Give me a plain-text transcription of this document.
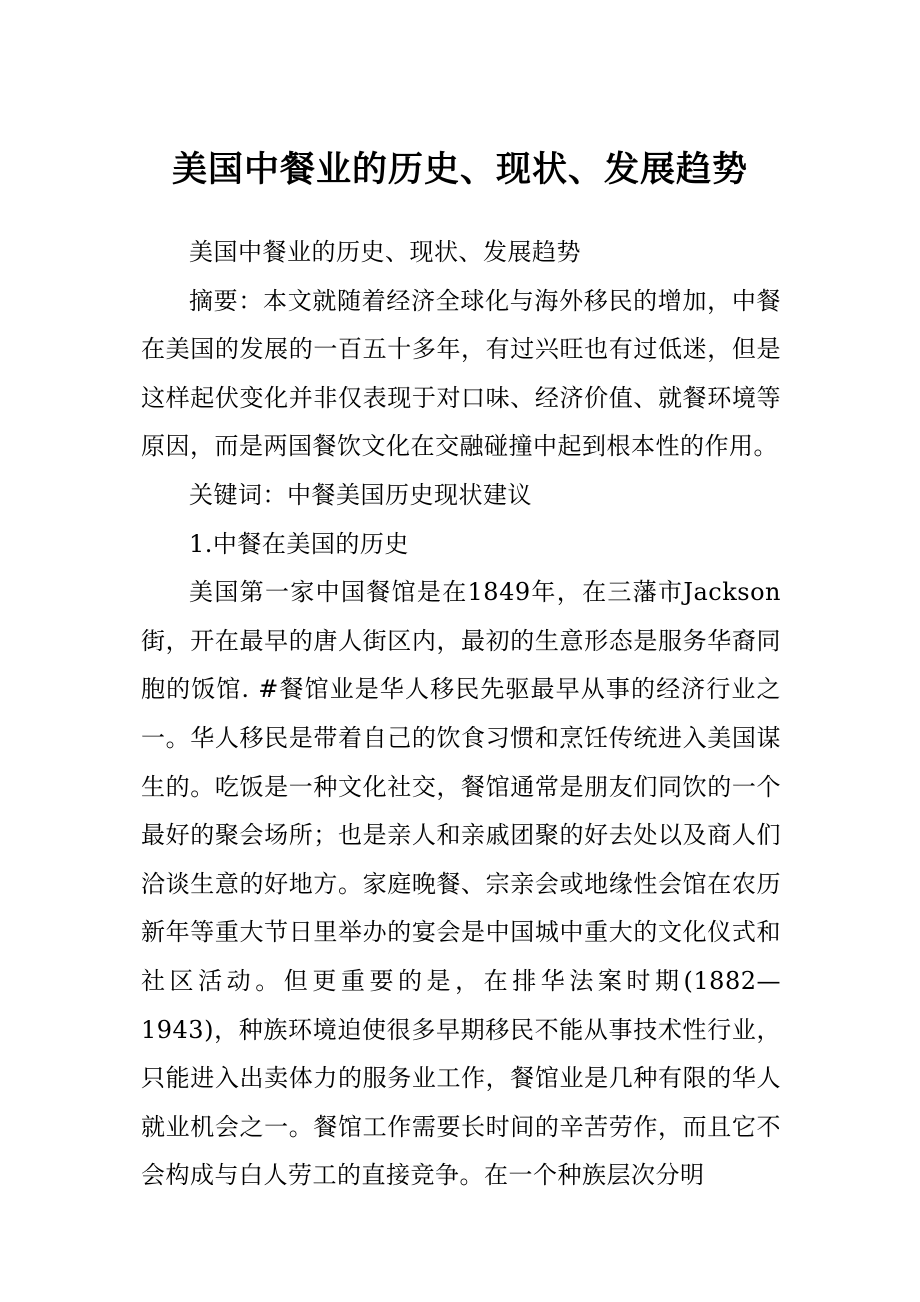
美国中餐业的历史、现状、发展趋势

美国中餐业的历史、现状、发展趋势

摘要：本文就随着经济全球化与海外移民的增加，中餐在美国的发展的一百五十多年，有过兴旺也有过低迷，但是这样起伏变化并非仅表现于对口味、经济价值、就餐环境等原因，而是两国餐饮文化在交融碰撞中起到根本性的作用。

关键词：中餐美国历史现状建议

1.中餐在美国的历史

美国第一家中国餐馆是在1849年，在三藩市Jackson街，开在最早的唐人街区内，最初的生意形态是服务华裔同胞的饭馆. #餐馆业是华人移民先驱最早从事的经济行业之一。华人移民是带着自己的饮食习惯和烹饪传统进入美国谋生的。吃饭是一种文化社交，餐馆通常是朋友们同饮的一个最好的聚会场所；也是亲人和亲戚团聚的好去处以及商人们洽谈生意的好地方。家庭晚餐、宗亲会或地缘性会馆在农历新年等重大节日里举办的宴会是中国城中重大的文化仪式和社区活动。但更重要的是，在排华法案时期(1882—1943)，种族环境迫使很多早期移民不能从事技术性行业，只能进入出卖体力的服务业工作，餐馆业是几种有限的华人就业机会之一。餐馆工作需要长时间的辛苦劳作，而且它不会构成与白人劳工的直接竞争。在一个种族层次分明
